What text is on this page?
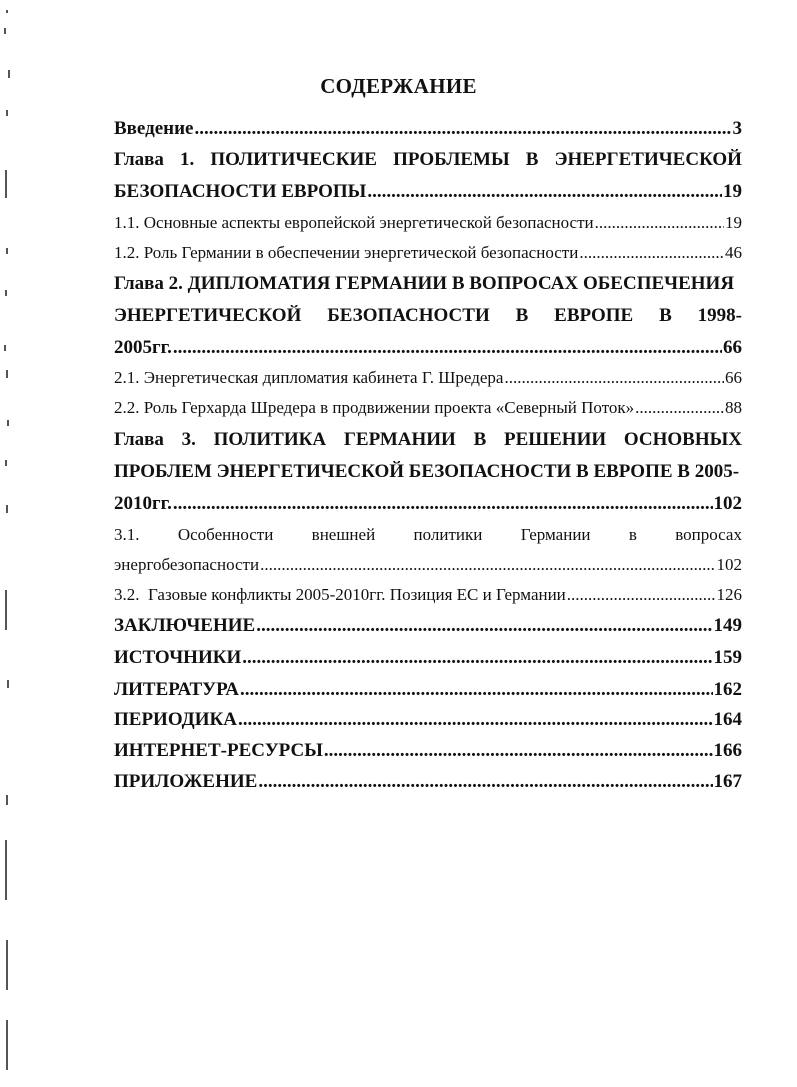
СОДЕРЖАНИЕ
Введение .....	3
Глава 1. ПОЛИТИЧЕСКИЕ ПРОБЛЕМЫ В ЭНЕРГЕТИЧЕСКОЙ
БЕЗОПАСНОСТИ ЕВРОПЫ .....	19
1.1. Основные аспекты европейской энергетической безопасности .....	19
1.2. Роль Германии в обеспечении энергетической безопасности .....	46
Глава 2. ДИПЛОМАТИЯ ГЕРМАНИИ В ВОПРОСАХ ОБЕСПЕЧЕНИЯ
ЭНЕРГЕТИЧЕСКОЙ БЕЗОПАСНОСТИ В ЕВРОПЕ В 1998-
2005гг. .....	66
2.1. Энергетическая дипломатия кабинета Г. Шредера .....	66
2.2. Роль Герхарда Шредера в продвижении проекта «Северный Поток» .....	88
Глава 3. ПОЛИТИКА ГЕРМАНИИ В РЕШЕНИИ ОСНОВНЫХ
ПРОБЛЕМ ЭНЕРГЕТИЧЕСКОЙ БЕЗОПАСНОСТИ В ЕВРОПЕ В 2005-
2010гг. .....	102
3.1. Особенности внешней политики Германии в вопросах
энергобезопасности .....	102
3.2.  Газовые конфликты 2005-2010гг. Позиция ЕС и Германии .....	126
ЗАКЛЮЧЕНИЕ .....	149
ИСТОЧНИКИ .....	159
ЛИТЕРАТУРА .....	162
ПЕРИОДИКА .....	164
ИНТЕРНЕТ-РЕСУРСЫ .....	166
ПРИЛОЖЕНИЕ .....	167
